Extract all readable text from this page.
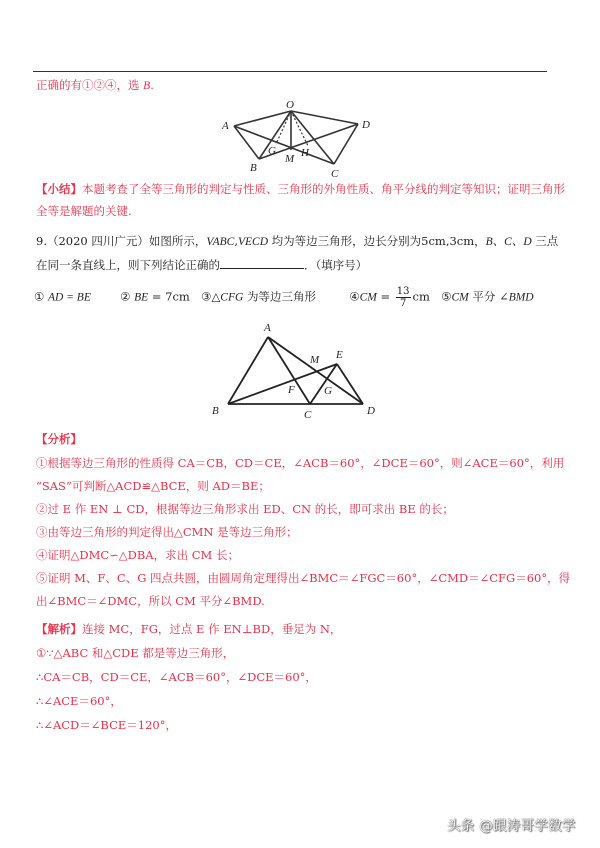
正确的有①②④，选 B.
O
A	D
B	C
M
G H
【小结】本题考查了全等三角形的判定与性质、三角形的外角性质、角平分线的判定等知识；证明三角形
全等是解题的关键.
9.（2020 四川广元）如图所示，VABC,VECD 均为等边三角形，边长分别为5cm,3cm，B、C、D 三点
在同一条直线上，则下列结论正确的	．（填序号）
① AD = BE	② BE = 7cm ③△CFG 为等边三角形	④CM = $\frac{13}{7}$ cm ⑤CM 平分 ∠BMD
A
B	C	D
E
F	G
M
【分析】
①根据等边三角形的性质得 CA＝CB，CD＝CE，∠ACB＝60°，∠DCE＝60°，则∠ACE＝60°，利用
“SAS”可判断△ACD≌△BCE，则 AD＝BE；
②过 E 作 EN ⊥ CD，根据等边三角形求出 ED、CN 的长，即可求出 BE 的长；
③由等边三角形的判定得出△CMN 是等边三角形；
④证明△DMC∽△DBA，求出 CM 长；
⑤证明 M、F、C、G 四点共圆，由圆周角定理得出∠BMC＝∠FGC＝60°，∠CMD＝∠CFG＝60°，得
出∠BMC＝∠DMC，所以 CM 平分∠BMD.
【解析】连接 MC，FG，过点 E 作 EN⊥BD，垂足为 N，
①∵△ABC 和△CDE 都是等边三角形，
∴CA＝CB，CD＝CE，∠ACB＝60°，∠DCE＝60°，
∴∠ACE＝60°，
∴∠ACD＝∠BCE＝120°，
头条 @跟涛哥学数学
